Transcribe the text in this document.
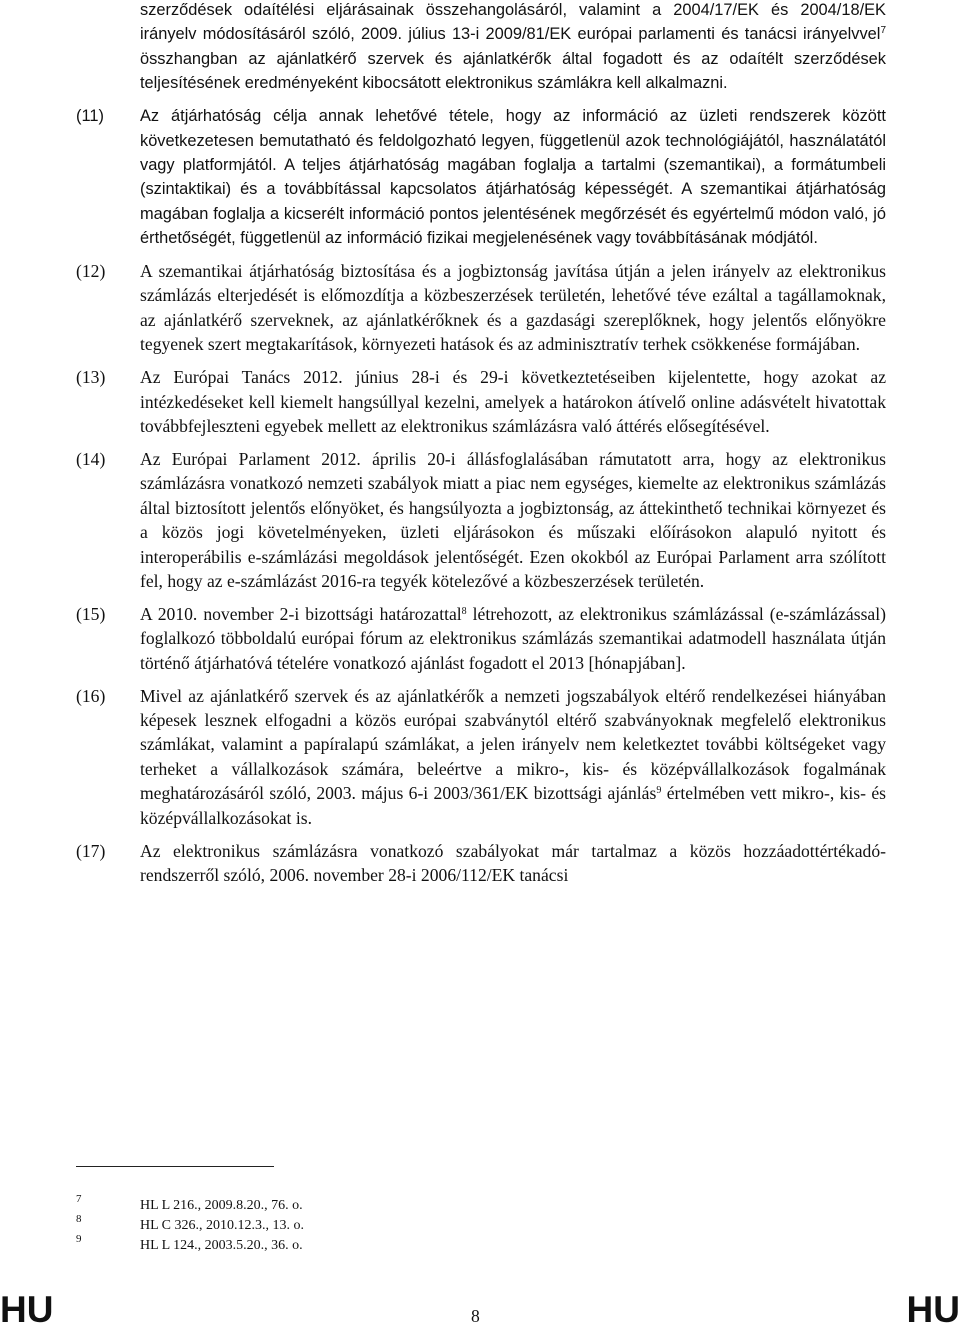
szerződések odaítélési eljárásainak összehangolásáról, valamint a 2004/17/EK és 2004/18/EK irányelv módosításáról szóló, 2009. július 13-i 2009/81/EK európai parlamenti és tanácsi irányelvvel$^7$ összhangban az ajánlatkérő szervek és ajánlatkérők által fogadott és az odaítélt szerződések teljesítésének eredményeként kibocsátott elektronikus számlákra kell alkalmazni.
(11) Az átjárhatóság célja annak lehetővé tétele, hogy az információ az üzleti rendszerek között következetesen bemutatható és feldolgozható legyen, függetlenül azok technológiájától, használatától vagy platformjától. A teljes átjárhatóság magában foglalja a tartalmi (szemantikai), a formátumbeli (szintaktikai) és a továbbítással kapcsolatos átjárhatóság képességét. A szemantikai átjárhatóság magában foglalja a kicserélt információ pontos jelentésének megőrzését és egyértelmű módon való, jó érthetőségét, függetlenül az információ fizikai megjelenésének vagy továbbításának módjától.
(12) A szemantikai átjárhatóság biztosítása és a jogbiztonság javítása útján a jelen irányelv az elektronikus számlázás elterjedését is előmozdítja a közbeszerzések területén, lehetővé téve ezáltal a tagállamoknak, az ajánlatkérő szerveknek, az ajánlatkérőknek és a gazdasági szereplőknek, hogy jelentős előnyökre tegyenek szert megtakarítások, környezeti hatások és az adminisztratív terhek csökkenése formájában.
(13) Az Európai Tanács 2012. június 28-i és 29-i következtetéseiben kijelentette, hogy azokat az intézkedéseket kell kiemelt hangsúllyal kezelni, amelyek a határokon átívelő online adásvételt hivatottak továbbfejleszteni egyebek mellett az elektronikus számlázásra való áttérés elősegítésével.
(14) Az Európai Parlament 2012. április 20-i állásfoglalásában rámutatott arra, hogy az elektronikus számlázásra vonatkozó nemzeti szabályok miatt a piac nem egységes, kiemelte az elektronikus számlázás által biztosított jelentős előnyöket, és hangsúlyozta a jogbiztonság, az áttekinthető technikai környezet és a közös jogi követelményeken, üzleti eljárásokon és műszaki előírásokon alapuló nyitott és interoperábilis e-számlázási megoldások jelentőségét. Ezen okokból az Európai Parlament arra szólított fel, hogy az e-számlázást 2016-ra tegyék kötelezővé a közbeszerzések területén.
(15) A 2010. november 2-i bizottsági határozattal$^8$ létrehozott, az elektronikus számlázással (e-számlázással) foglalkozó többoldalú európai fórum az elektronikus számlázás szemantikai adatmodell használata útján történő átjárhatóvá tételére vonatkozó ajánlást fogadott el 2013 [hónapjában].
(16) Mivel az ajánlatkérő szervek és az ajánlatkérők a nemzeti jogszabályok eltérő rendelkezései hiányában képesek lesznek elfogadni a közös európai szabványtól eltérő szabványoknak megfelelő elektronikus számlákat, valamint a papíralapú számlákat, a jelen irányelv nem keletkeztet további költségeket vagy terheket a vállalkozások számára, beleértve a mikro-, kis- és középvállalkozások fogalmának meghatározásáról szóló, 2003. május 6-i 2003/361/EK bizottsági ajánlás$^9$ értelmében vett mikro-, kis- és középvállalkozásokat is.
(17) Az elektronikus számlázásra vonatkozó szabályokat már tartalmaz a közös hozzáadottértékadó-rendszerről szóló, 2006. november 28-i 2006/112/EK tanácsi
7	HL L 216., 2009.8.20., 76. o.
8	HL C 326., 2010.12.3., 13. o.
9	HL L 124., 2003.5.20., 36. o.
HU	8	HU
